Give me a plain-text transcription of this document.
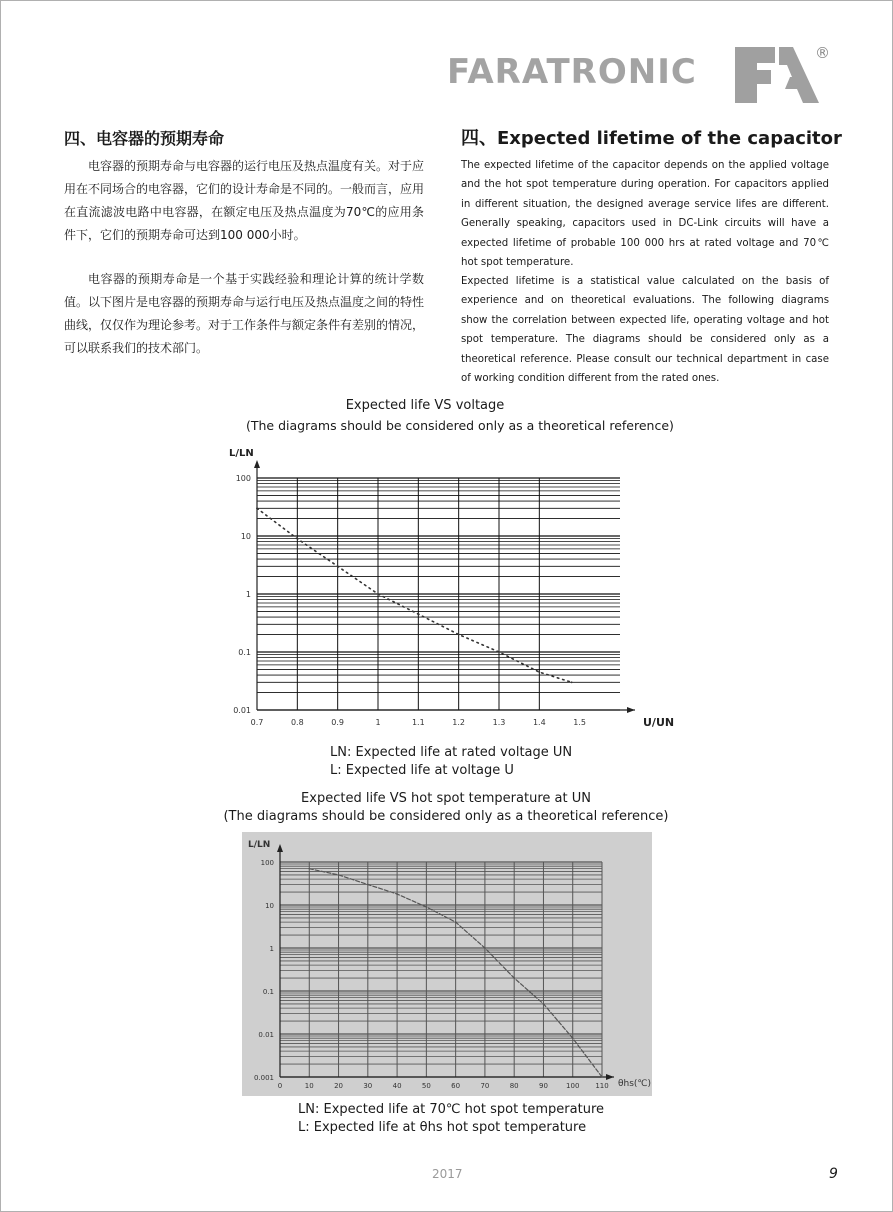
FARATRONIC	®
四、电容器的预期寿命

电容器的预期寿命与电容器的运行电压及热点温度有关。对于应用在不同场合的电容器，它们的设计寿命是不同的。一般而言，应用在直流滤波电路中电容器，在额定电压及热点温度为70℃的应用条件下，它们的预期寿命可达到100 000小时。

电容器的预期寿命是一个基于实践经验和理论计算的统计学数值。以下图片是电容器的预期寿命与运行电压及热点温度之间的特性曲线，仅仅作为理论参考。对于工作条件与额定条件有差别的情况，可以联系我们的技术部门。

四、Expected lifetime of the capacitor

The expected lifetime of the capacitor depends on the applied voltage and the hot spot temperature during operation. For capacitors applied in different situation, the designed average service lifes are different. Generally speaking, capacitors used in DC-Link circuits will have a expected lifetime of probable 100 000 hrs at rated voltage and 70℃ hot spot temperature.

Expected lifetime is a statistical value calculated on the basis of experience and on theoretical evaluations. The following diagrams show the correlation between expected life, operating voltage and hot spot temperature. The diagrams should be considered only as a theoretical reference. Please consult our technical department in case of working condition different from the rated ones.

Expected life VS voltage
(The diagrams should be considered only as a theoretical reference)
L/LN
100
10
1
0.1
0.01
0.7	0.8	0.9	1	1.1	1.2	1.3	1.4	1.5	U/UN
LN: Expected life at rated voltage UN
L: Expected life at voltage U
Expected life VS hot spot temperature at UN
(The diagrams should be considered only as a theoretical reference)
L/LN
100
10
1
0.1
0.01
0.001
0	10	20	30	40	50	60	70	80	90	100 110 θhs(℃)
LN: Expected life at 70℃ hot spot temperature
L: Expected life at θhs hot spot temperature
2017	9
